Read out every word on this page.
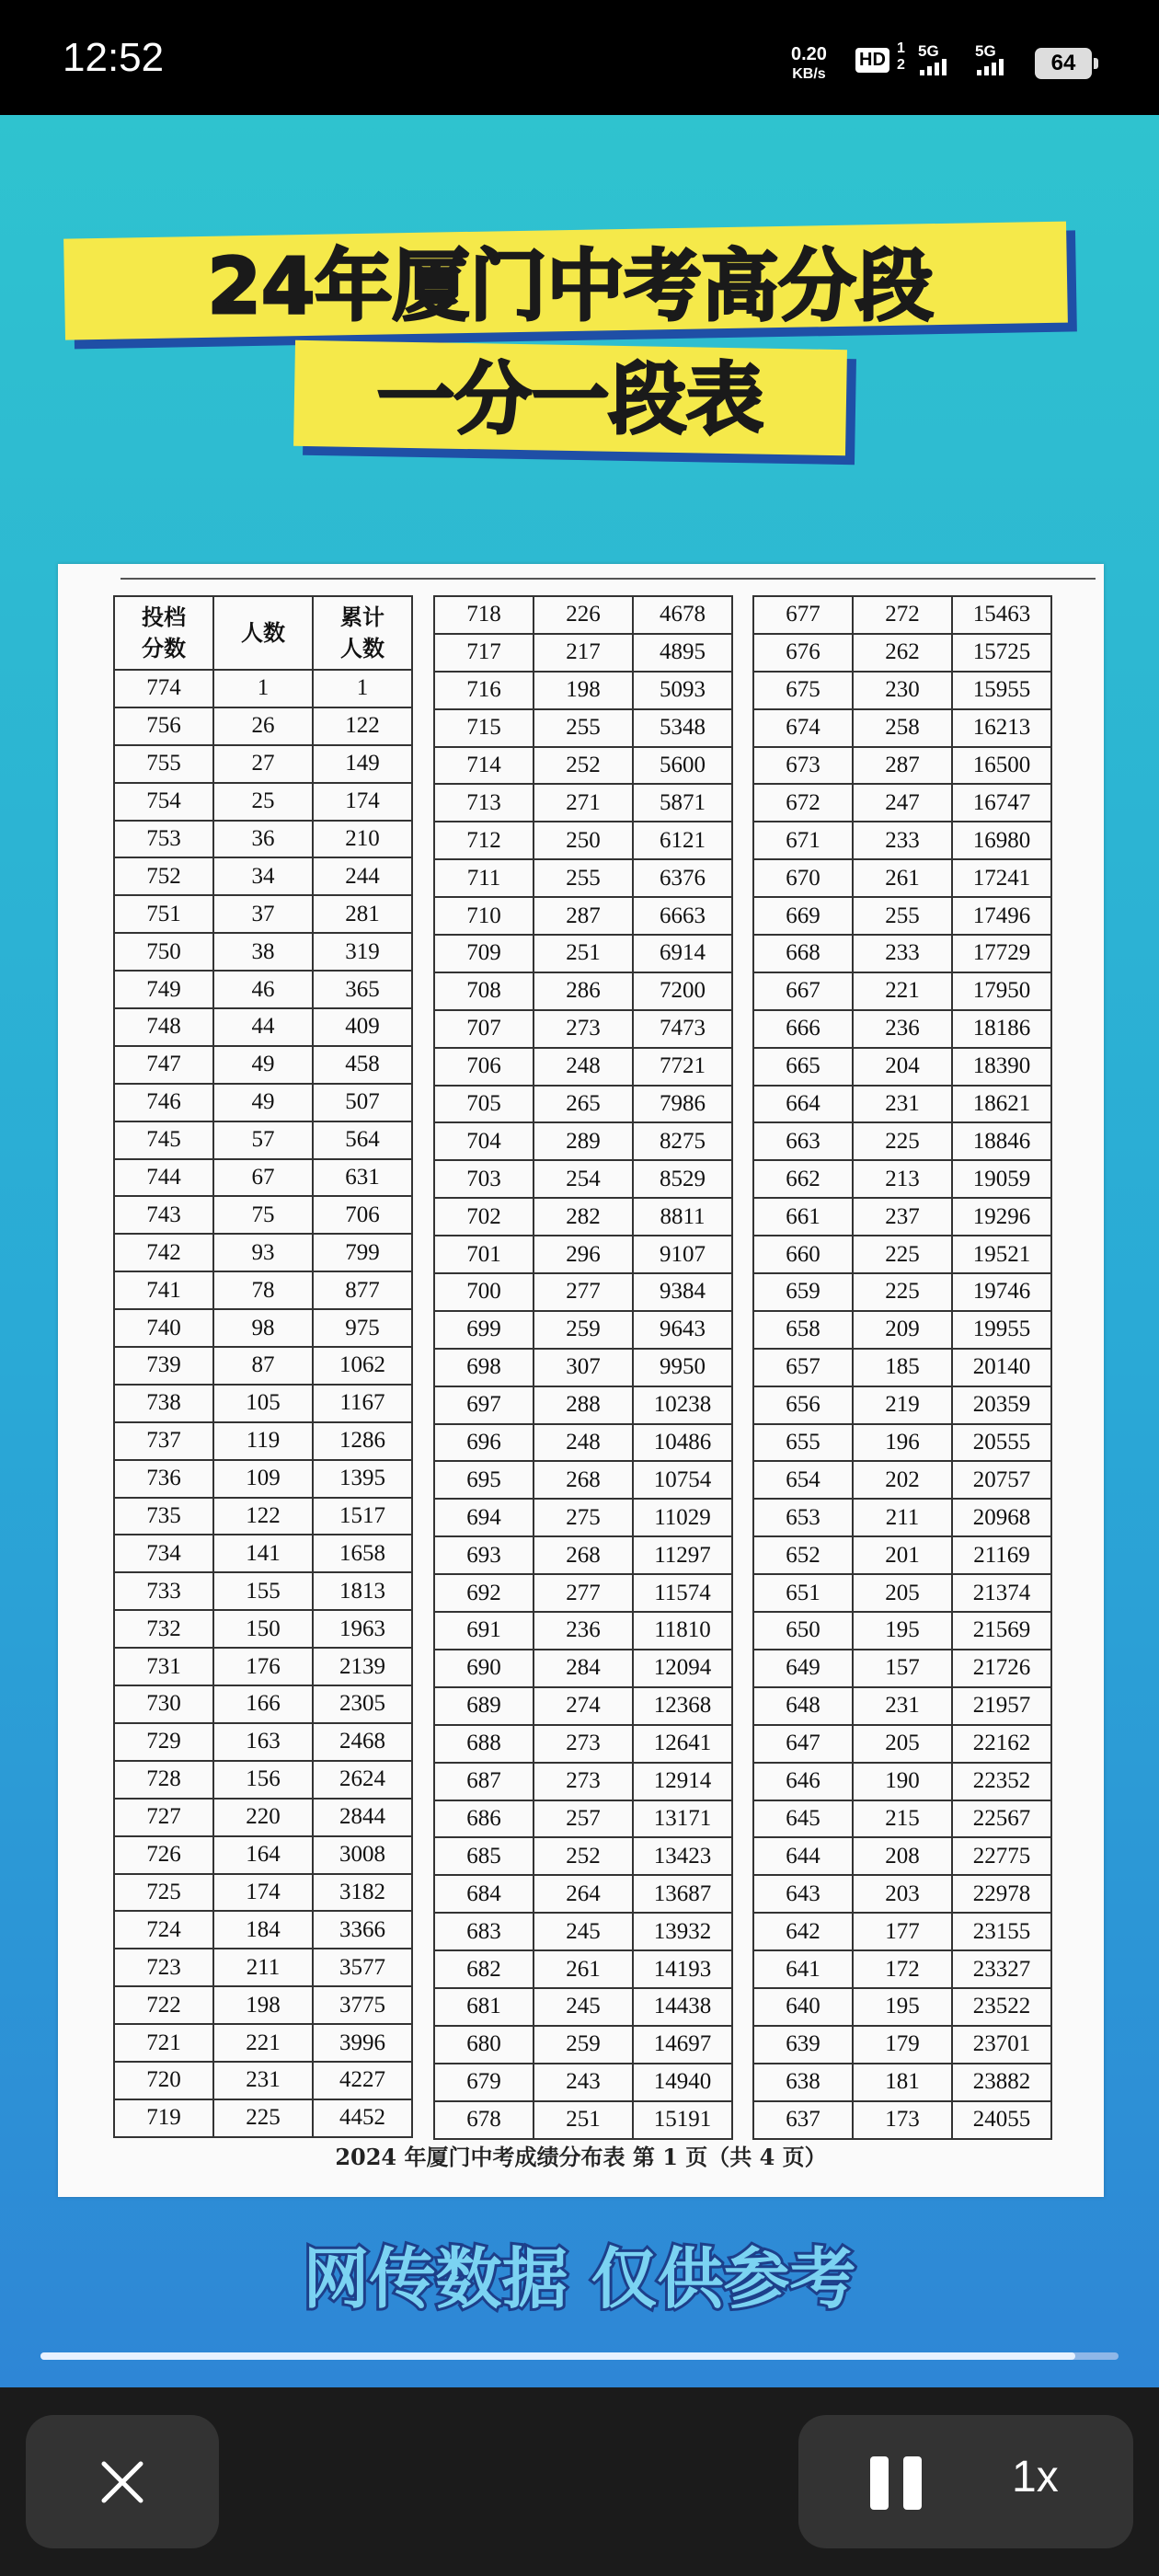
12:52	0.20
KB/s
HD
1
2
5G 5G	64
24年厦门中考高分段
一分一段表
投档分数	人数	累计人数
774	1	1
756	26	122
755	27	149
754	25	174
753	36	210
752	34	244
751	37	281
750	38	319
749	46	365
748	44	409
747	49	458
746	49	507
745	57	564
744	67	631
743	75	706
742	93	799
741	78	877
740	98	975
739	87	1062
738	105	1167
737	119	1286
736	109	1395
735	122	1517
734	141	1658
733	155	1813
732	150	1963
731	176	2139
730	166	2305
729	163	2468
728	156	2624
727	220	2844
726	164	3008
725	174	3182
724	184	3366
723	211	3577
722	198	3775
721	221	3996
720	231	4227
719	225	4452
718	226	4678
717	217	4895
716	198	5093
715	255	5348
714	252	5600
713	271	5871
712	250	6121
711	255	6376
710	287	6663
709	251	6914
708	286	7200
707	273	7473
706	248	7721
705	265	7986
704	289	8275
703	254	8529
702	282	8811
701	296	9107
700	277	9384
699	259	9643
698	307	9950
697	288	10238
696	248	10486
695	268	10754
694	275	11029
693	268	11297
692	277	11574
691	236	11810
690	284	12094
689	274	12368
688	273	12641
687	273	12914
686	257	13171
685	252	13423
684	264	13687
683	245	13932
682	261	14193
681	245	14438
680	259	14697
679	243	14940
678	251	15191
677	272	15463
676	262	15725
675	230	15955
674	258	16213
673	287	16500
672	247	16747
671	233	16980
670	261	17241
669	255	17496
668	233	17729
667	221	17950
666	236	18186
665	204	18390
664	231	18621
663	225	18846
662	213	19059
661	237	19296
660	225	19521
659	225	19746
658	209	19955
657	185	20140
656	219	20359
655	196	20555
654	202	20757
653	211	20968
652	201	21169
651	205	21374
650	195	21569
649	157	21726
648	231	21957
647	205	22162
646	190	22352
645	215	22567
644	208	22775
643	203	22978
642	177	23155
641	172	23327
640	195	23522
639	179	23701
638	181	23882
637	173	24055
2024 年厦门中考成绩分布表 第 1 页（共 4 页）
网传数据 仅供参考
1x
